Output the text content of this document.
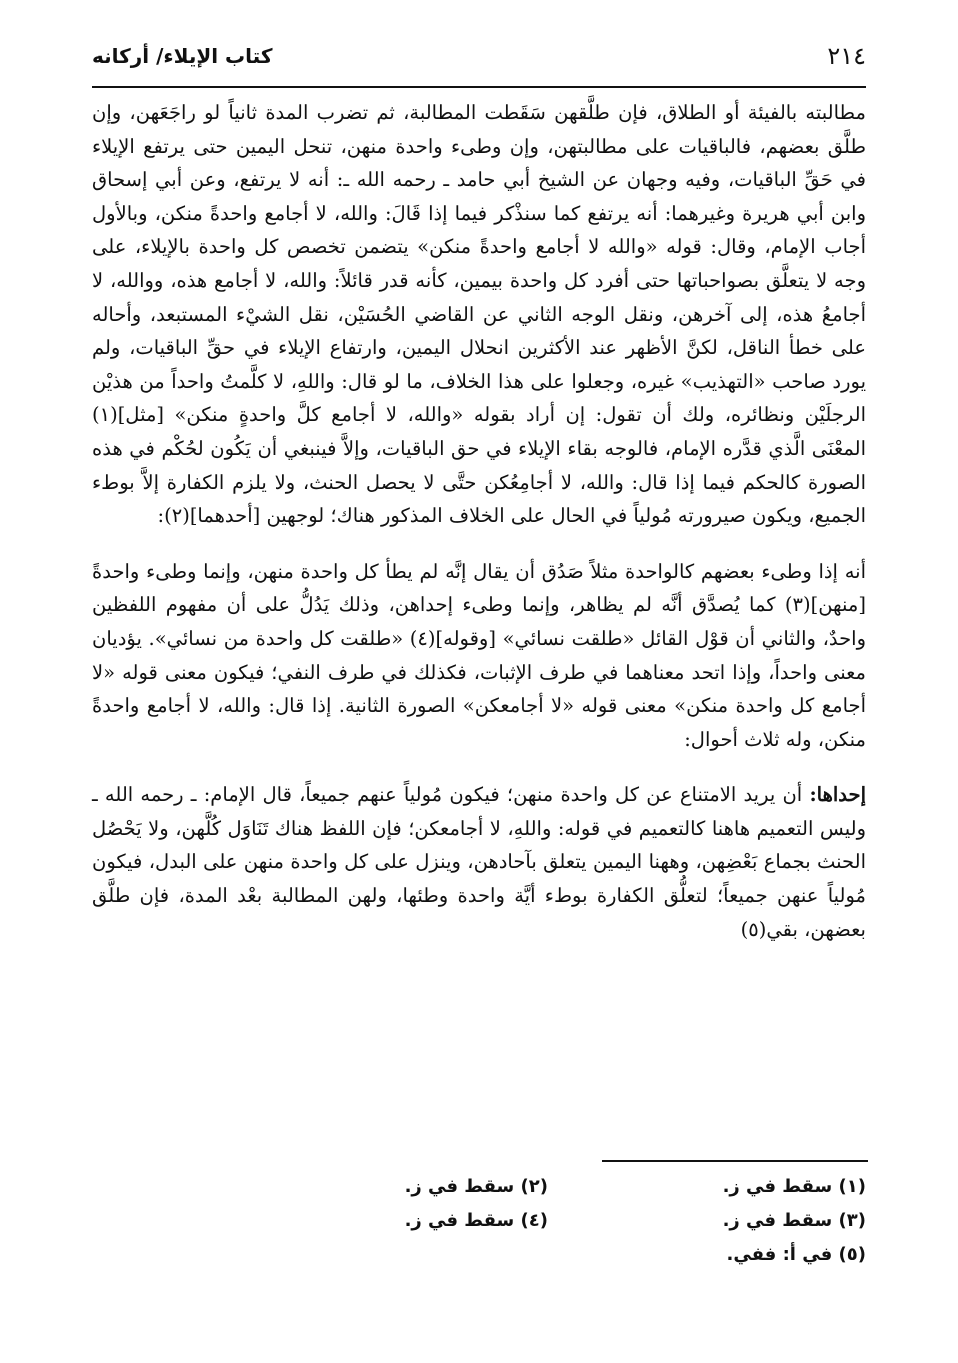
٢١٤
كتاب الإيلاء/ أركانه

مطالبته بالفيئة أو الطلاق، فإن طلَّقهن سَقَطت المطالبة، ثم تضرب المدة ثانياً لو راجَعَهن، وإن طلَّق بعضهم، فالباقيات على مطالبتهن، وإن وطىء واحدة منهن، تنحل اليمين حتى يرتفع الإيلاء في حَقِّ الباقيات، وفيه وجهان عن الشيخ أبي حامد ـ رحمه الله ـ: أنه لا يرتفع، وعن أبي إسحاق وابن أبي هريرة وغيرهما: أنه يرتفع كما سنذْكر فيما إذا قَالَ: والله، لا أجامع واحدةً منكن، وبالأول أجاب الإمام، وقال: قوله «والله لا أجامع واحدةً منكن» يتضمن تخصص كل واحدة بالإيلاء، على وجه لا يتعلَّق بصواحباتها حتى أفرد كل واحدة بيمين، كأنه قدر قائلاً: والله، لا أجامع هذه، ووالله، لا أجامعُ هذه، إلى آخرهن، ونقل الوجه الثاني عن القاضي الحُسَيْن، نقل الشيْء المستبعد، وأحاله على خطأ الناقل، لكنَّ الأظهر عند الأكثرين انحلال اليمين، وارتفاع الإيلاء في حقِّ الباقيات، ولم يورد صاحب «التهذيب» غيره، وجعلوا على هذا الخلاف، ما لو قال: واللهِ، لا كلَّمتُ واحداً من هذيْن الرجلَيْن ونظائره، ولك أن تقول: إن أراد بقوله «والله، لا أجامع كلَّ واحدةٍ منكن» [مثل](١) المعْنَى الَّذي قدَّره الإمام، فالوجه بقاء الإيلاء في حق الباقيات، وإلاَّ فينبغي أن يَكُون لحُكْم في هذه الصورة كالحكم فيما إذا قال: والله، لا أجامِعُكن حتَّى لا يحصل الحنث، ولا يلزم الكفارة إلاَّ بوطء الجميع، ويكون صيرورته مُولياً في الحال على الخلاف المذكور هناك؛ لوجهين [أحدهما](٢):

أنه إذا وطىء بعضهم كالواحدة مثلاً صَدُق أن يقال إنَّه لم يطأ كل واحدة منهن، وإنما وطىء واحدةً [منهن](٣) كما يُصدَّق أنَّه لم يظاهر، وإنما وطىء إحداهن، وذلك يَدُلُّ على أن مفهوم اللفظين واحدٌ، والثاني أن قوْل القائل «طلقت نسائي» [وقوله](٤) «طلقت كل واحدة من نسائي». يؤديان معنى واحداً، وإذا اتحد معناهما في طرف الإثبات، فكذلك في طرف النفي؛ فيكون معنى قوله «لا أجامع كل واحدة منكن» معنى قوله «لا أجامعكن» الصورة الثانية. إذا قال: والله، لا أجامع واحدةً منكن، وله ثلاث أحوال:

إحداها: أن يريد الامتناع عن كل واحدة منهن؛ فيكون مُولياً عنهم جميعاً، قال الإمام: ـ رحمه الله ـ وليس التعميم هاهنا كالتعميم في قوله: واللهِ، لا أجامعكن؛ فإن اللفظ هناك تَنَاوَل كُلَّهن، ولا يَحْصُل الحنث بجماع بَعْضِهن، وههنا اليمين يتعلق بآحادهن، وينزل على كل واحدة منهن على البدل، فيكون مُولياً عنهن جميعاً؛ لتعلُّق الكفارة بوطء أيَّة واحدة وطئها، ولهن المطالبة بعْد المدة، فإن طلَّق بعضهن، بقي(٥)

(١) سقط في ز.
(٢) سقط في ز.
(٣) سقط في ز.
(٤) سقط في ز.
(٥) في أ: ففي.
